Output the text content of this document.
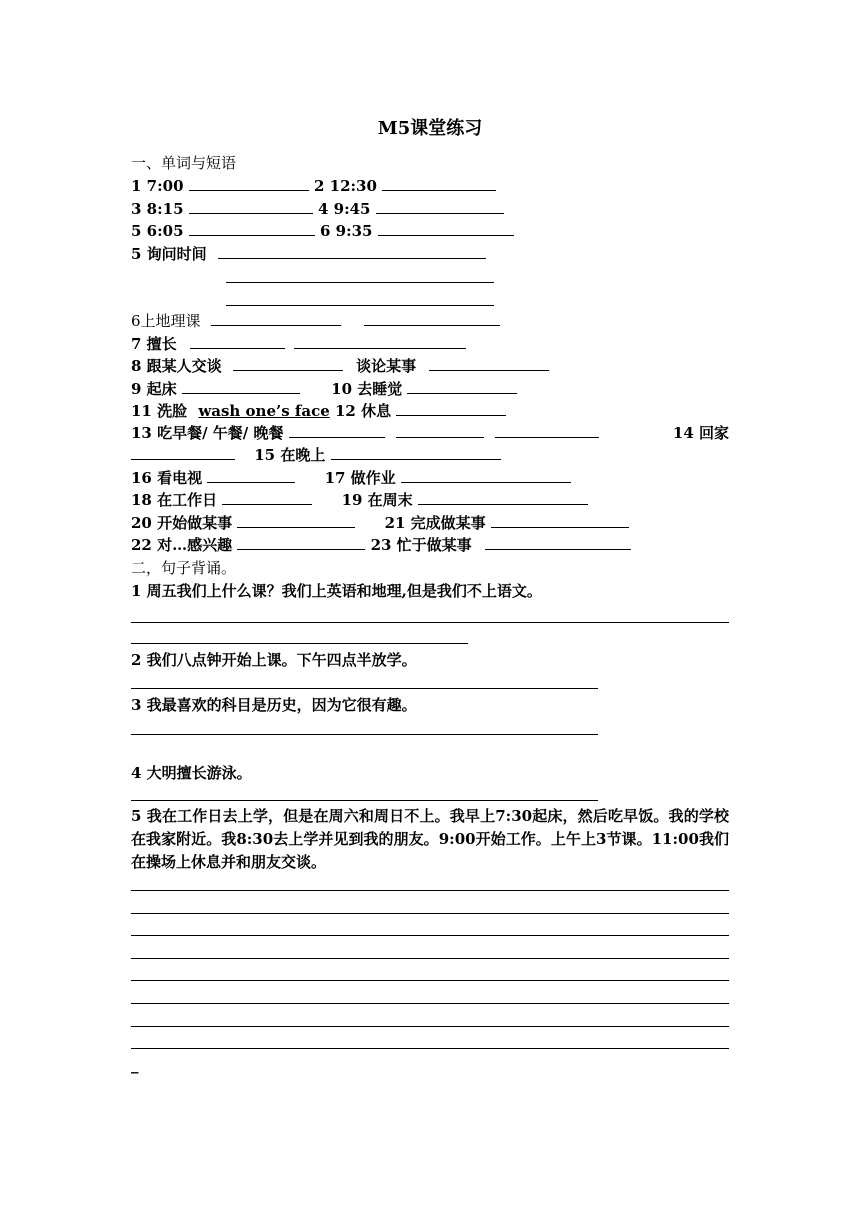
M5课堂练习
一、单词与短语
1 7:00	2 12:30
3 8:15	4 9:45
5 6:05	6 9:35
5 询问时间
6上地理课
7 擅长
8 跟某人交谈	谈论某事
9 起床	10 去睡觉
11 洗脸 wash one’s face 12 休息
13 吃早餐/ 午餐/ 晚餐	14 回家
15 在晚上
16 看电视	17 做作业
18 在工作日	19 在周末
20 开始做某事	21 完成做某事
22 对…感兴趣	23 忙于做某事
二，句子背诵。
1 周五我们上什么课？我们上英语和地理,但是我们不上语文。
2 我们八点钟开始上课。下午四点半放学。
3 我最喜欢的科目是历史，因为它很有趣。
4 大明擅长游泳。
5 我在工作日去上学，但是在周六和周日不上。我早上7:30起床，然后吃早饭。我的学校在我家附近。我8:30去上学并见到我的朋友。9:00开始工作。上午上3节课。11:00我们在操场上休息并和朋友交谈。
_
